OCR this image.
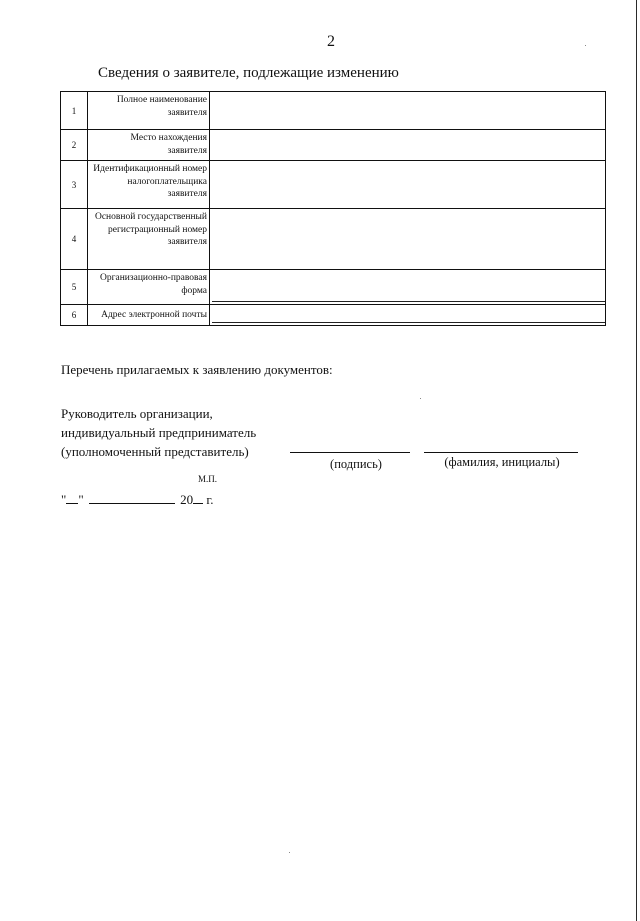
2
Сведения о заявителе, подлежащие изменению
1	Полное наименование заявителя	
2	Место нахождения заявителя	
3	Идентификационный номер налогоплательщика заявителя	
4	Основной государственный регистрационный номер заявителя	
5	Организационно-правовая форма	

6	Адрес электронной почты	
Перечень прилагаемых к заявлению документов:
Руководитель организации,
индивидуальный предприниматель
(уполномоченный представитель)
(подпись)	(фамилия, инициалы)
М.П.
" "	20 г.
